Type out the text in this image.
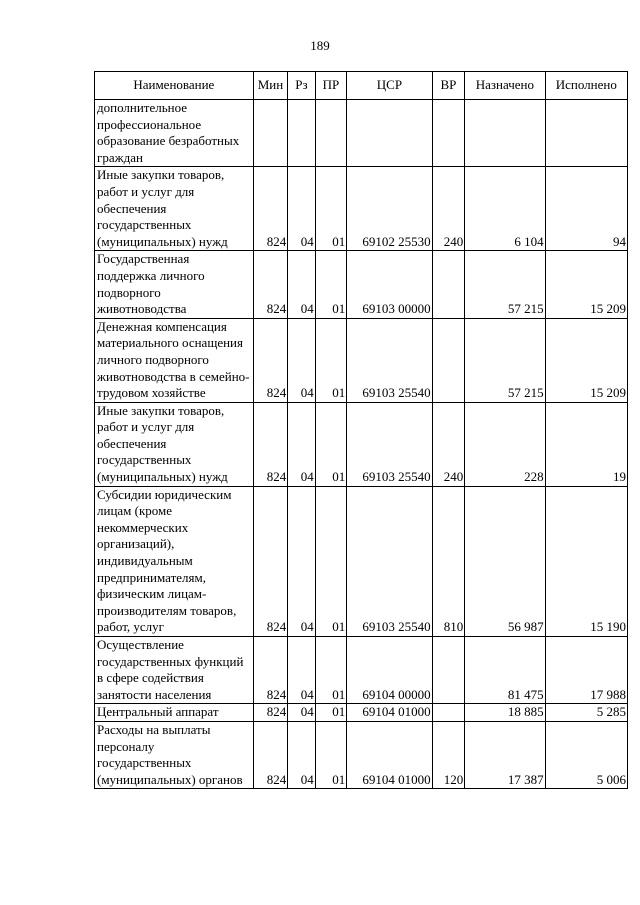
189
Наименование	Мин	Рз	ПР	ЦСР	ВР	Назначено	Исполнено
дополнительное профессиональное образование безработных граждан							
Иные закупки товаров, работ и услуг для обеспечения государственных (муниципальных) нужд	824	04	01	69102 25530	240	6 104	94
Государственная поддержка личного подворного животноводства	824	04	01	69103 00000		57 215	15 209
Денежная компенсация материального оснащения личного подворного животноводства в семейно-трудовом хозяйстве	824	04	01	69103 25540		57 215	15 209
Иные закупки товаров, работ и услуг для обеспечения государственных (муниципальных) нужд	824	04	01	69103 25540	240	228	19
Субсидии юридическим лицам (кроме некоммерческих организаций), индивидуальным предпринимателям, физическим лицам-производителям товаров, работ, услуг	824	04	01	69103 25540	810	56 987	15 190
Осуществление государственных функций в сфере содействия занятости населения	824	04	01	69104 00000		81 475	17 988
Центральный аппарат	824	04	01	69104 01000		18 885	5 285
Расходы на выплаты персоналу государственных (муниципальных) органов	824	04	01	69104 01000	120	17 387	5 006
